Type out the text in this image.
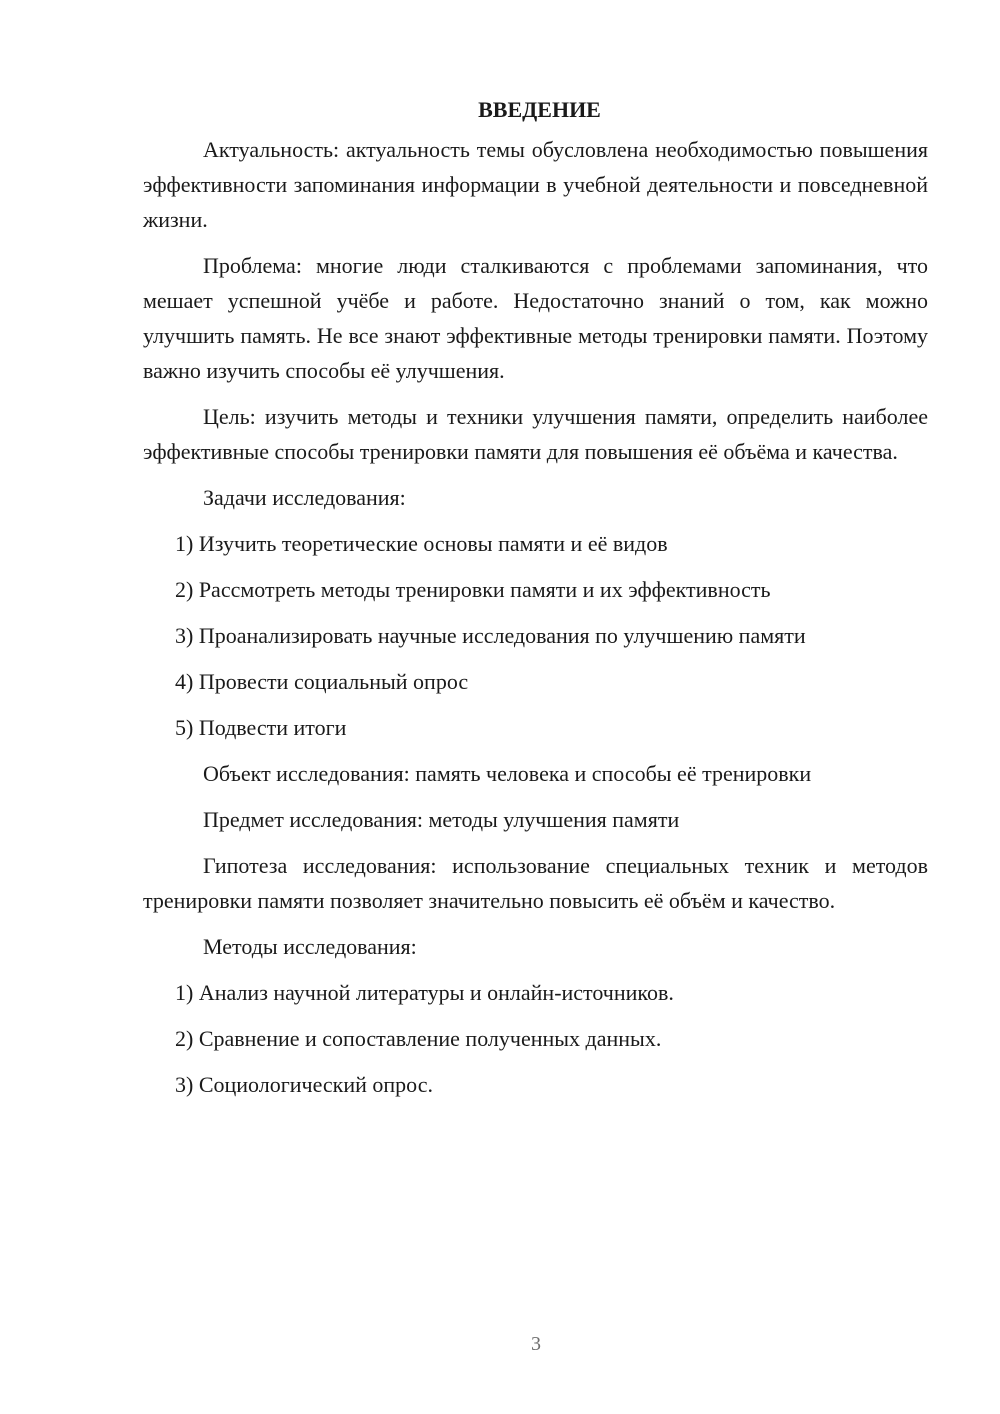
ВВЕДЕНИЕ

Актуальность: актуальность темы обусловлена необходимостью повышения эффективности запоминания информации в учебной деятельности и повседневной жизни.

Проблема: многие люди сталкиваются с проблемами запоминания, что мешает успешной учёбе и работе. Недостаточно знаний о том, как можно улучшить память. Не все знают эффективные методы тренировки памяти. Поэтому важно изучить способы её улучшения.

Цель: изучить методы и техники улучшения памяти, определить наиболее эффективные способы тренировки памяти для повышения её объёма и качества.

Задачи исследования:
1) Изучить теоретические основы памяти и её видов
2) Рассмотреть методы тренировки памяти и их эффективность
3) Проанализировать научные исследования по улучшению памяти
4) Провести социальный опрос
5) Подвести итоги
Объект исследования: память человека и способы её тренировки
Предмет исследования: методы улучшения памяти

Гипотеза исследования: использование специальных техник и методов тренировки памяти позволяет значительно повысить её объём и качество.

Методы исследования:
1) Анализ научной литературы и онлайн-источников.
2) Сравнение и сопоставление полученных данных.
3) Социологический опрос.
3
